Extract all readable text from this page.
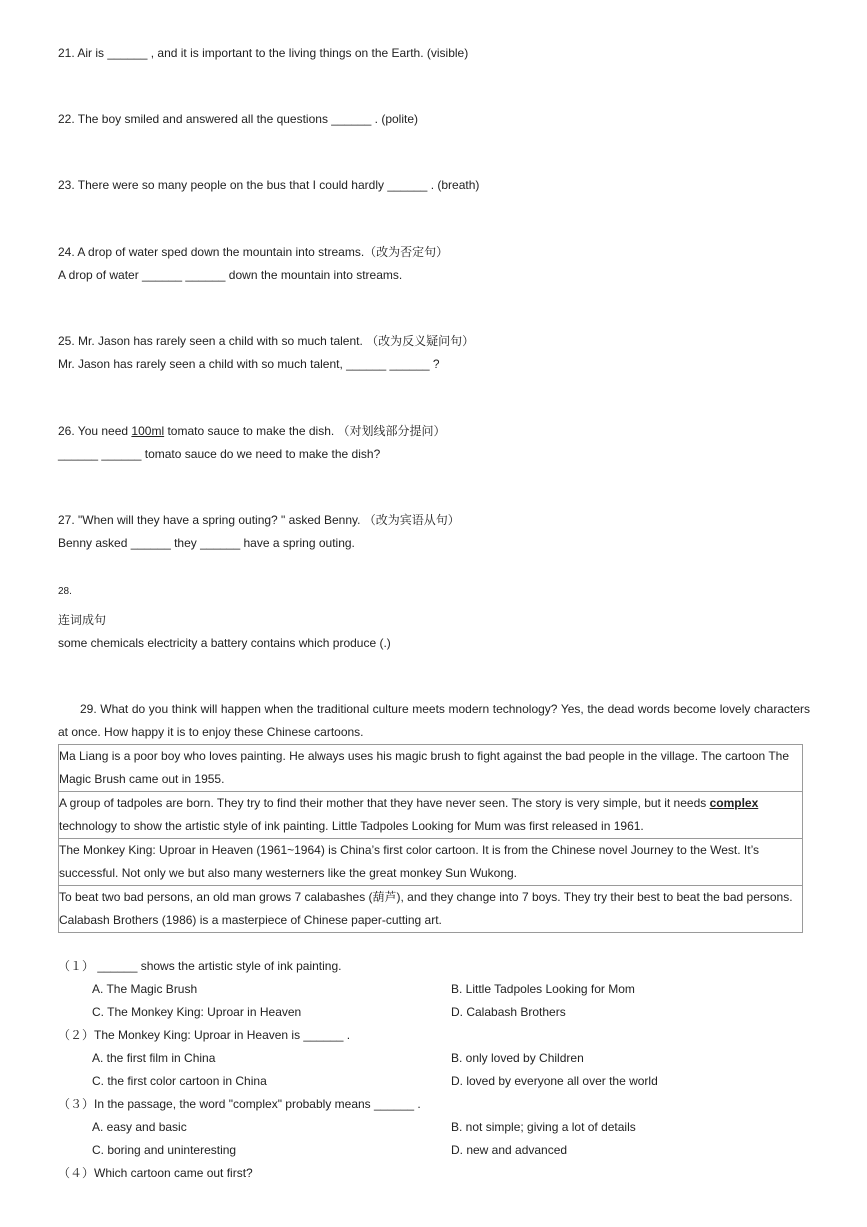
21. Air is ______ , and it is important to the living things on the Earth. (visible)
22. The boy smiled and answered all the questions ______ . (polite)
23. There were so many people on the bus that I could hardly ______ . (breath)
24. A drop of water sped down the mountain into streams.（改为否定句）
A drop of water ______ ______ down the mountain into streams.
25. Mr. Jason has rarely seen a child with so much talent. （改为反义疑问句）
Mr. Jason has rarely seen a child with so much talent, ______ ______ ?
26. You need 100ml tomato sauce to make the dish. （对划线部分提问）
______ ______ tomato sauce do we need to make the dish?
27. "When will they have a spring outing? " asked Benny. （改为宾语从句）
Benny asked ______ they ______ have a spring outing.
28.
连词成句
some chemicals electricity a battery contains which produce (.)
29. What do you think will happen when the traditional culture meets modern technology? Yes, the dead words become lovely characters at once. How happy it is to enjoy these Chinese cartoons.
Ma Liang is a poor boy who loves painting. He always uses his magic brush to fight against the bad people in the village. The cartoon The Magic Brush came out in 1955.
A group of tadpoles are born. They try to find their mother that they have never seen. The story is very simple, but it needs complex technology to show the artistic style of ink painting. Little Tadpoles Looking for Mum was first released in 1961.
The Monkey King: Uproar in Heaven (1961~1964) is China’s first color cartoon. It is from the Chinese novel Journey to the West. It’s successful. Not only we but also many westerners like the great monkey Sun Wukong.
To beat two bad persons, an old man grows 7 calabashes (葫芦), and they change into 7 boys. They try their best to beat the bad persons. Calabash Brothers (1986) is a masterpiece of Chinese paper-cutting art.
（１） ______ shows the artistic style of ink painting.
A. The Magic Brush	B. Little Tadpoles Looking for Mom
C. The Monkey King: Uproar in Heaven	D. Calabash Brothers
（２）The Monkey King: Uproar in Heaven is ______ .
A. the first film in China	B. only loved by Children
C. the first color cartoon in China	D. loved by everyone all over the world
（３）In the passage, the word "complex" probably means ______ .
A. easy and basic	B. not simple; giving a lot of details
C. boring and uninteresting	D. new and advanced
（４）Which cartoon came out first?
